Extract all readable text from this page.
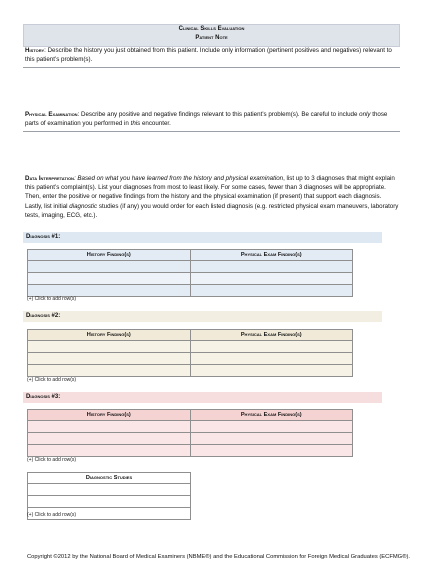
Clinical Skills Evaluation
Patient Note
History: Describe the history you just obtained from this patient. Include only information (pertinent positives and negatives) relevant to this patient’s problem(s).
Physical Examination: Describe any positive and negative findings relevant to this patient’s problem(s). Be careful to include only those parts of examination you performed in this encounter.
Data Interpretation: Based on what you have learned from the history and physical examination, list up to 3 diagnoses that might explain this patient’s complaint(s). List your diagnoses from most to least likely. For some cases, fewer than 3 diagnoses will be appropriate. Then, enter the positive or negative findings from the history and the physical examination (if present) that support each diagnosis. Lastly, list initial diagnostic studies (if any) you would order for each listed diagnosis (e.g. restricted physical exam maneuvers, laboratory tests, imaging, ECG, etc.).
Diagnosis #1:
History Finding(s)	Physical Exam Finding(s)

(+) Click to add row(s)
Diagnosis #2:
History Finding(s)	Physical Exam Finding(s)

(+) Click to add row(s)
Diagnosis #3:
History Finding(s)	Physical Exam Finding(s)

(+) Click to add row(s)
Diagnostic Studies

(+) Click to add row(s)
Copyright ©2012 by the National Board of Medical Examiners (NBME®) and the Educational Commission for Foreign Medical Graduates (ECFMG®).
